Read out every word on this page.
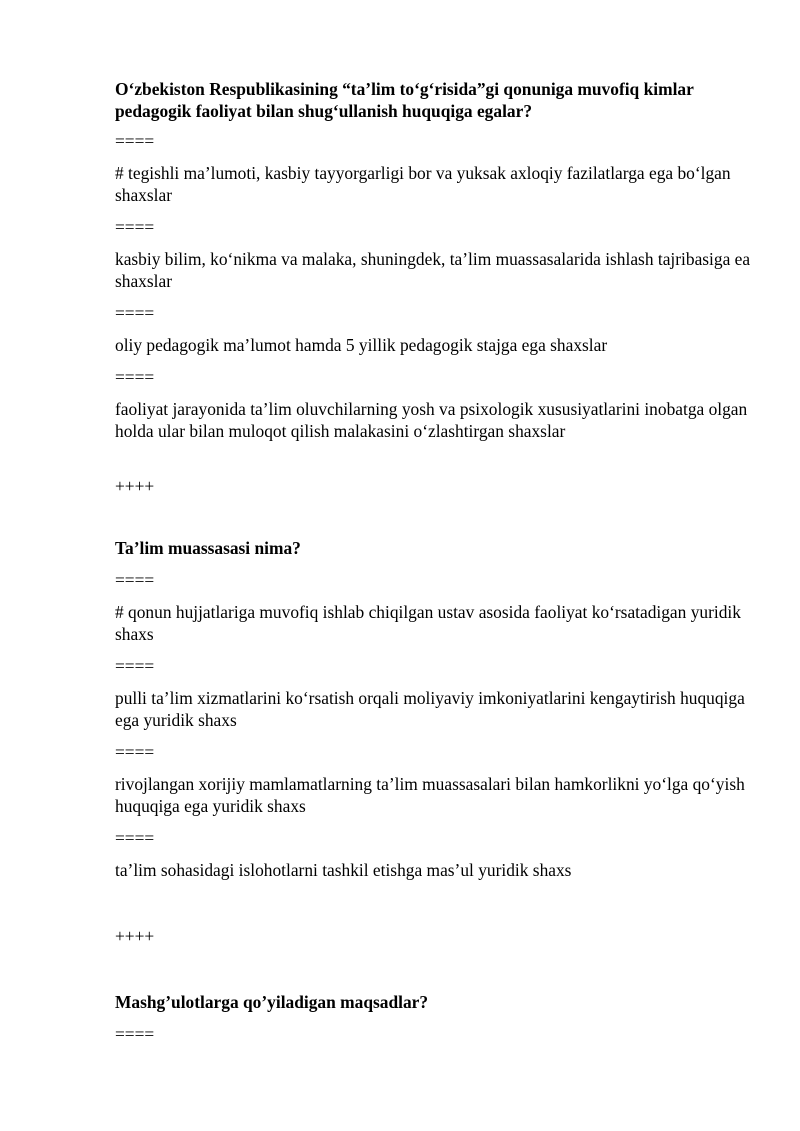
O‘zbekiston Respublikasining “ta’lim to‘g‘risida”gi qonuniga muvofiq kimlar pedagogik faoliyat bilan shug‘ullanish huquqiga egalar?

====

# tegishli ma’lumoti, kasbiy tayyorgarligi bor va yuksak axloqiy fazilatlarga ega bo‘lgan shaxslar

====

kasbiy bilim, ko‘nikma va malaka, shuningdek, ta’lim muassasalarida ishlash tajribasiga ea shaxslar

====

oliy pedagogik ma’lumot hamda 5 yillik pedagogik stajga ega shaxslar

====

faoliyat jarayonida ta’lim oluvchilarning yosh va psixologik xususiyatlarini inobatga olgan holda ular bilan muloqot qilish malakasini o‘zlashtirgan shaxslar

++++

Ta’lim muassasasi nima?

====

# qonun hujjatlariga muvofiq ishlab chiqilgan ustav asosida faoliyat ko‘rsatadigan yuridik shaxs

====

pulli ta’lim xizmatlarini ko‘rsatish orqali moliyaviy imkoniyatlarini kengaytirish huquqiga ega yuridik shaxs

====

rivojlangan xorijiy mamlamatlarning ta’lim muassasalari bilan hamkorlikni yo‘lga qo‘yish huquqiga ega yuridik shaxs

====

ta’lim sohasidagi islohotlarni tashkil etishga mas’ul yuridik shaxs

++++

Mashg’ulotlarga qo’yiladigan maqsadlar?

====
